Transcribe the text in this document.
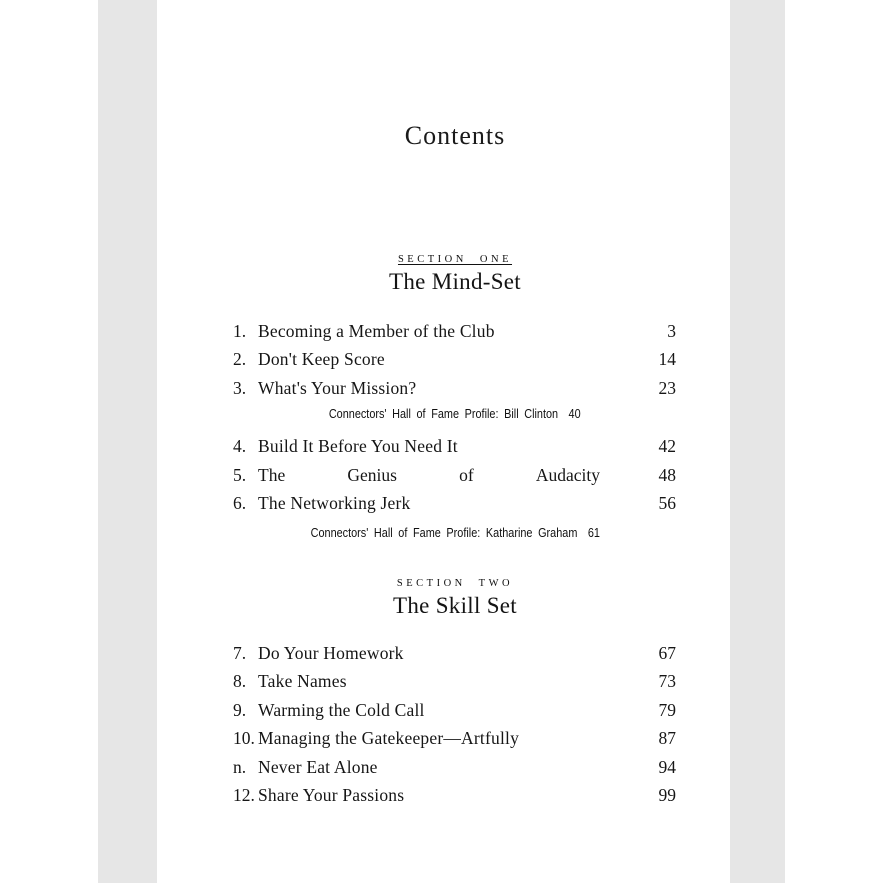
Contents
SECTION ONE
The Mind-Set
1. Becoming a Member of the Club	3
2. Don't Keep Score	14
3. What's Your Mission?	23
Connectors' Hall of Fame Profile: Bill Clinton 40
4. Build It Before You Need It	42
5. The	Genius	of	Audacity	48
6. The Networking Jerk	56
Connectors' Hall of Fame Profile: Katharine Graham 61
SECTION TWO
The Skill Set
7. Do Your Homework	67
8. Take Names	73
9. Warming the Cold Call	79
10. Managing the Gatekeeper—Artfully	87
n. Never Eat Alone	94
12. Share Your Passions	99
